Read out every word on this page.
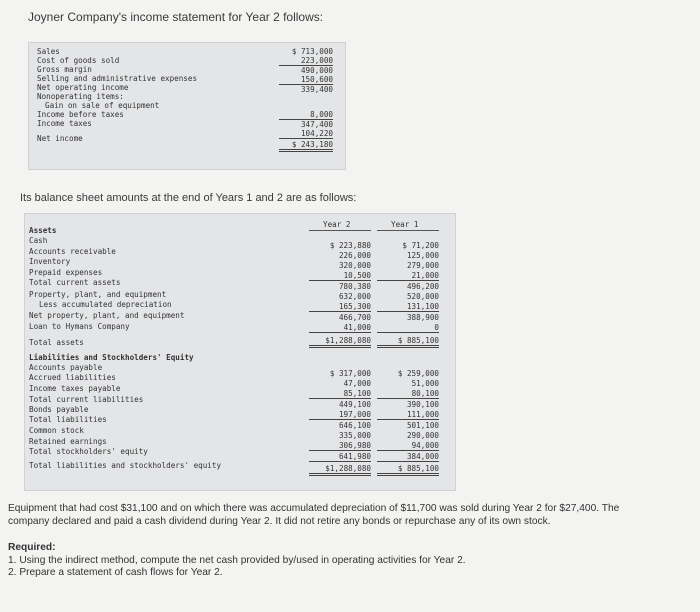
Joyner Company's income statement for Year 2 follows:
Sales
Cost of goods sold
Gross margin
Selling and administrative expenses
Net operating income
Nonoperating items:
Gain on sale of equipment
Income before taxes
Income taxes
Net income
$ 713,000
223,000
490,000
150,600
339,400
8,000
347,400
104,220
$ 243,180
Its balance sheet amounts at the end of Years 1 and 2 are as follows:
Year 2	Year 1
Assets
Cash
Accounts receivable
Inventory
Prepaid expenses
Total current assets
Property, plant, and equipment
Less accumulated depreciation
Net property, plant, and equipment
Loan to Hymans Company
Total assets
Liabilities and Stockholders' Equity
Accounts payable
Accrued liabilities
Income taxes payable
Total current liabilities
Bonds payable
Total liabilities
Common stock
Retained earnings
Total stockholders' equity
Total liabilities and stockholders' equity
$ 223,880
226,000
320,000
10,500
780,380
632,000
165,300
466,700
41,000
$1,288,080
$ 317,000
47,000
85,100
449,100
197,000
646,100
335,000
306,980
641,980
$1,288,080
$ 71,200
125,000
279,000
21,000
496,200
520,000
131,100
388,900
0
$ 885,100
$ 259,000
51,000
80,100
390,100
111,000
501,100
290,000
94,000
384,000
$ 885,100

Equipment that had cost $31,100 and on which there was accumulated depreciation of $11,700 was sold during Year 2 for $27,400. The

company declared and paid a cash dividend during Year 2. It did not retire any bonds or repurchase any of its own stock.

Required:

1. Using the indirect method, compute the net cash provided by/used in operating activities for Year 2.

2. Prepare a statement of cash flows for Year 2.
